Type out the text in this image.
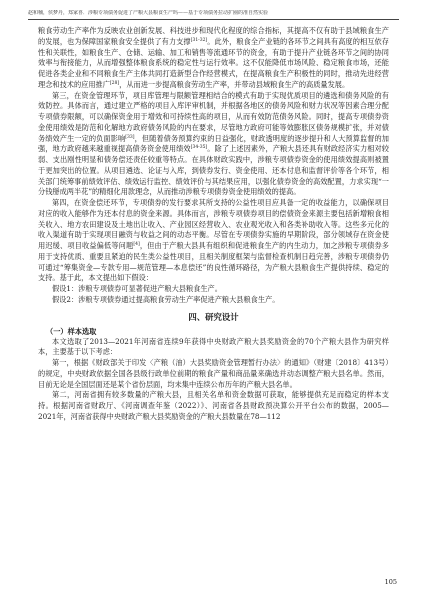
赵和楠，侯梦丹，郑家喜．涉粮专项债务促进了产粮大县粮食生产吗——基于专项债务拉动扩圈的准自然实验

粮食劳动生产率作为反映农业创新发展、科技进步和现代化程度的综合指标，其提高不仅有助于县域粮食生产的发展，也为保障国家粮食安全提供了有力支撑[31-32]。此外，粮食全产业链的各环节之间具有高度的相互依存性和关联性，如粮食生产、仓储、运输、加工和销售等流通环节的资金，有助于提升产业链各环节之间的协同效率与衔接能力，从而增强整体粮食系统的稳定性与运行效率。这不仅能降低市场风险、稳定粮食市场，还能促进各类企业和不同粮食生产主体共同打造新型合作经营模式，在提高粮食生产积极性的同时，推动先进经营理念和技术的应用推广[28]，从而进一步提高粮食劳动生产率，并带动县域粮食生产的高质量发展。

第三，在资金管理环节，项目库管理与限额管理相结合的模式有助于实现优质项目的遴选和债务风险的有效防控。具体而言，通过建立严格的项目入库评审机制，并根据各地区的债务风险和财力状况等因素合理分配专项债券限额，可以确保资金用于增效和可持续性高的项目，从而有效防范债务风险。同时，提高专项债券资金使用绩效是防范和化解地方政府债务风险的内在要求，尽管地方政府可能等效膨胀区债务规模扩张，并对债务绩效产生一定的负面影响[33]，但随着债务预算约束的日益强化，财政透明度的逐步提升和人大预算监督的加强，地方政府越来越重视提高债务资金使用绩效[34-35]。除了上述因素外，产粮大县还具有财政经济实力相对较弱、支出刚性明显和债务偿还责任较重等特点。在具体财政实践中，涉粮专项债券资金的使用绩效提高则被置于更加突出的位置。从项目遴选、论证与入库，到债券发行、资金使用、还本付息和监督评价等各个环节，相关部门统筹事前绩效评估、绩效运行监控、绩效评价与其结果应用，以强化债券资金的高效配置，力求实现“一分钱掰成两半花”的精细化用款理念，从而推动涉粮专项债券资金使用绩效的提高。

第四，在资金偿还环节，专项债券的发行要求其所支持的公益性项目应具备一定的收益能力，以确保项目对应的收入能够作为还本付息的资金来源。具体而言，涉粮专项债券项目的偿债资金来源主要包括新增粮食相关收入、地方农田建设及土地出让收入、产业园区经营收入、农业观光收入和各类补助收入等。这些多元化的收入渠道有助于实现项目融资与收益之间的动态平衡。尽管在专项债券实施的早期阶段，部分领域存在资金使用迟缓、项目收益偏低等问题[4]，但由于产粮大县具有组织和促进粮食生产的内生动力，加之涉粮专项债券多用于支持优质、重要且紧迫的民生类公益性项目，且相关制度框架与监督检查机制日趋完善，涉粮专项债券仍可通过“筹集资金—专款专用—规范管理—本息偿还”的良性循环路径，为产粮大县粮食生产提供持续、稳定的支持。基于此，本文提出如下假设：

假设1：涉粮专项债券可显著促进产粮大县粮食生产。

假设2：涉粮专项债券通过提高粮食劳动生产率促进产粮大县粮食生产。

四、研究设计
（一）样本选取

本文选取了2013—2021年河南省连续9年获得中央财政产粮大县奖励资金的70个产粮大县作为研究样本，主要基于以下考虑：

第一，根据《财政部关于印发〈产粮（油）大县奖励资金管理暂行办法〉的通知》（财建〔2018〕413号）的规定，中央财政依据全国各县级行政单位前期的粮食产量和商品量来确选并动态调整产粮大县名单。然而，目前无论是全国层面还是某个省份层面，均未集中连续公布历年的产粮大县名单。

第二，河南省拥有较多数量的产粮大县，且相关名单和资金数据可获取，能够提供充足而稳定的样本支持。根据河南省财政厅、《河南调查年鉴（2022）》、河南省各县财政预决算公开平台公布的数据，2005—2021年，河南省获得中央财政产粮大县奖励资金的产粮大县数量在78—112

105
